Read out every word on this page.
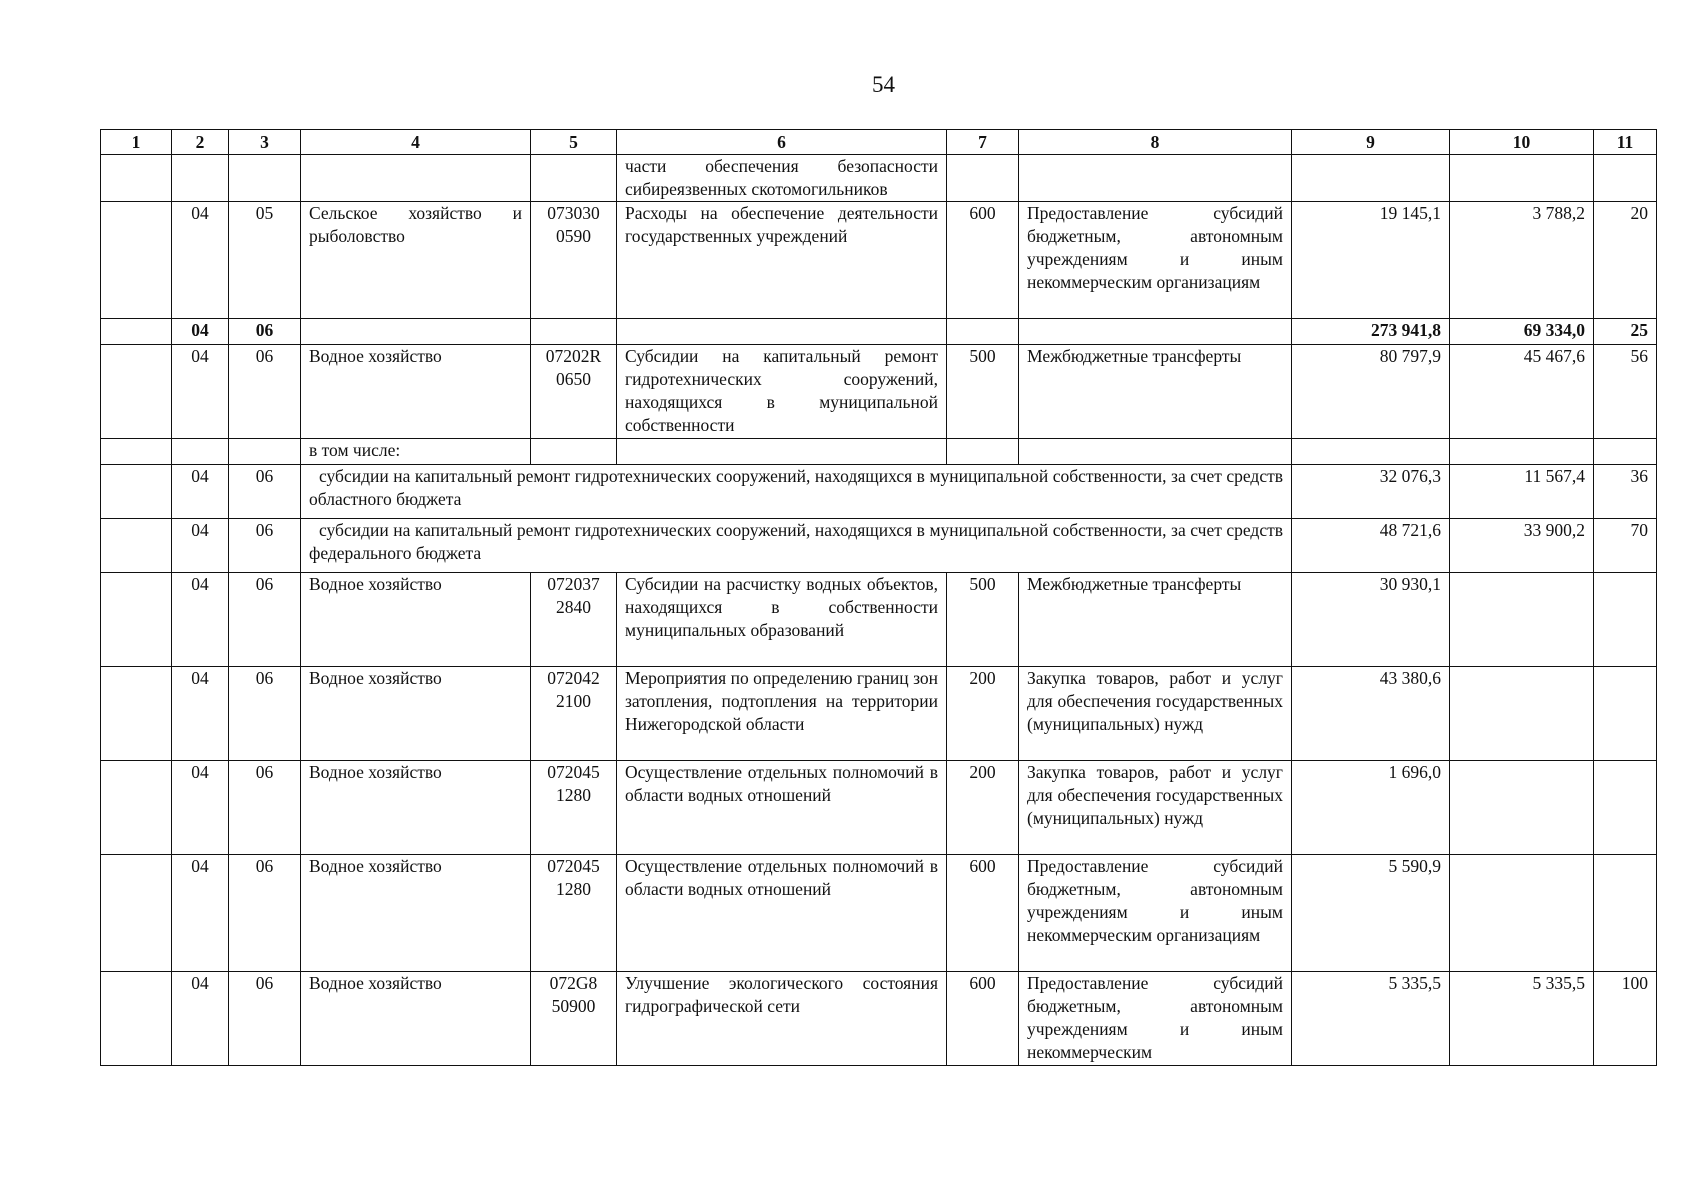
54
1	2	3	4	5	6	7	8	9	10	11
					части обеспечения безопасности сибиреязвенных скотомогильников					
	04	05	Сельское хозяйство и рыболовство	073030 0590	Расходы на обеспечение деятельности государственных учреждений	600	Предоставление субсидий бюджетным, автономным учреждениям и иным некоммерческим организациям	19 145,1	3 788,2	20
	04	06						273 941,8	69 334,0	25
	04	06	Водное хозяйство	07202R 0650	Субсидии на капитальный ремонт гидротехнических сооружений, находящихся в муниципальной собственности	500	Межбюджетные трансферты	80 797,9	45 467,6	56
			в том числе:							
	04	06	субсидии на капитальный ремонт гидротехнических сооружений, находящихся в муниципальной собственности, за счет средств областного бюджета					32 076,3	11 567,4	36
	04	06	субсидии на капитальный ремонт гидротехнических сооружений, находящихся в муниципальной собственности, за счет средств федерального бюджета					48 721,6	33 900,2	70
	04	06	Водное хозяйство	072037 2840	Субсидии на расчистку водных объектов, находящихся в собственности муниципальных образований	500	Межбюджетные трансферты	30 930,1		
	04	06	Водное хозяйство	072042 2100	Мероприятия по определению границ зон затопления, подтопления на территории Нижегородской области	200	Закупка товаров, работ и услуг для обеспечения государственных (муниципальных) нужд	43 380,6		
	04	06	Водное хозяйство	072045 1280	Осуществление отдельных полномочий в области водных отношений	200	Закупка товаров, работ и услуг для обеспечения государственных (муниципальных) нужд	1 696,0		
	04	06	Водное хозяйство	072045 1280	Осуществление отдельных полномочий в области водных отношений	600	Предоставление субсидий бюджетным, автономным учреждениям и иным некоммерческим организациям	5 590,9		
	04	06	Водное хозяйство	072G8 50900	Улучшение экологического состояния гидрографической сети	600	Предоставление субсидий бюджетным, автономным учреждениям и иным некоммерческим	5 335,5	5 335,5	100
